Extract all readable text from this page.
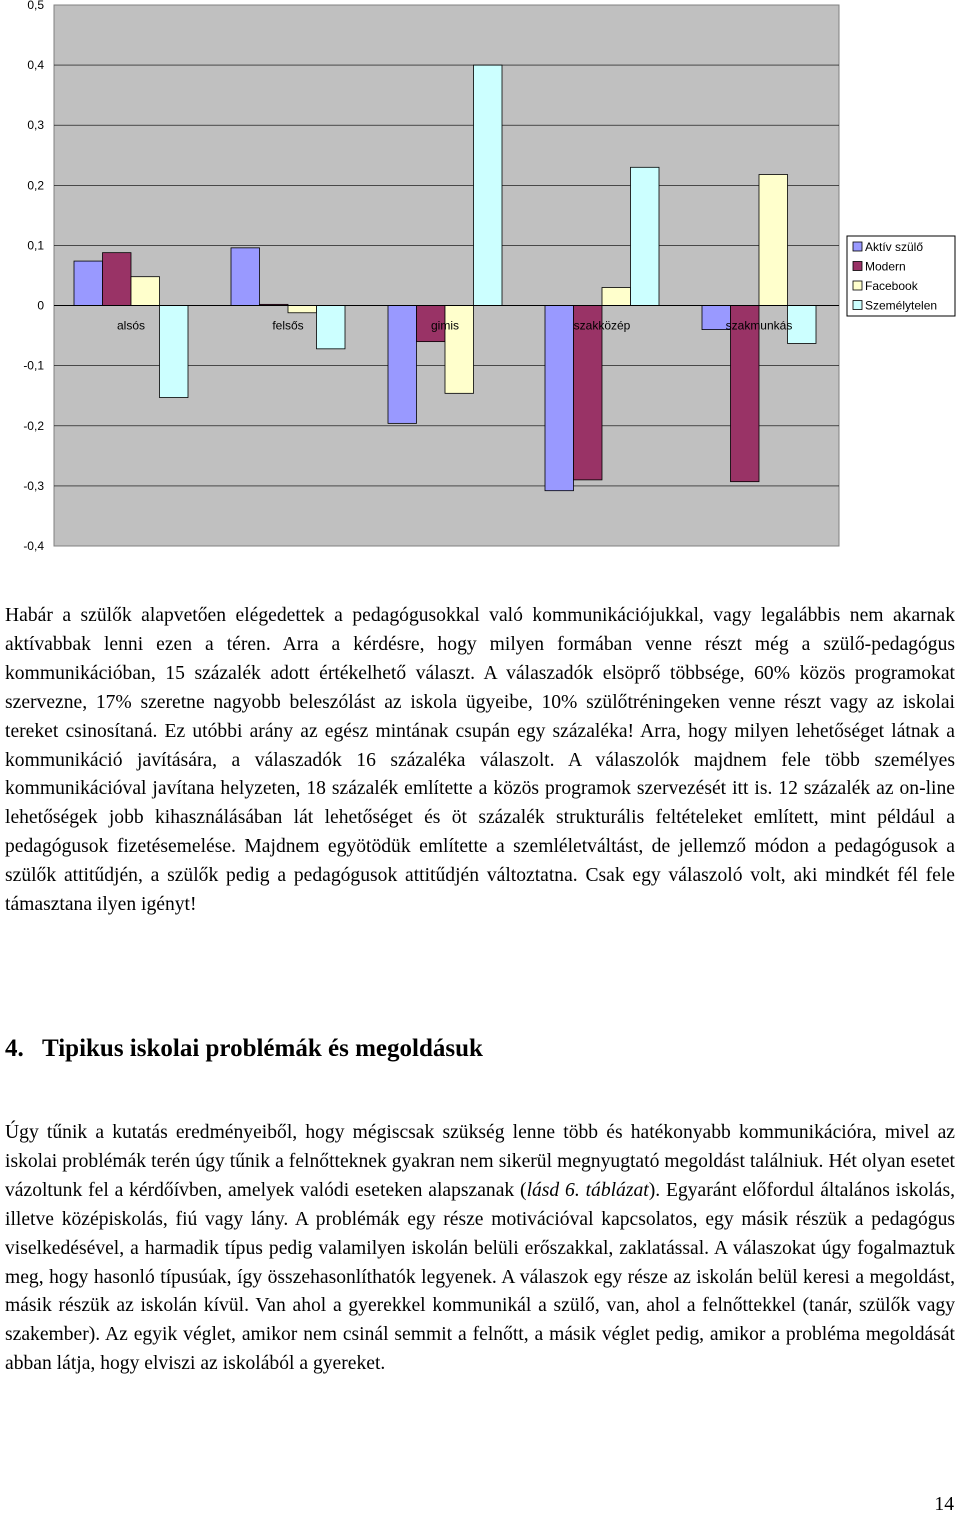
0,5
0,4
0,3
0,2
0,1
0
-0,1
-0,2
-0,3
-0,4
alsós	felsős	gimis	szakközép	szakmunkás
Aktív szülő
Modern
Facebook
Személytelen

Habár a szülők alapvetően elégedettek a pedagógusokkal való kommunikációjukkal, vagy legalábbis nem akarnak aktívabbak lenni ezen a téren. Arra a kérdésre, hogy milyen formában venne részt még a szülő-pedagógus kommunikációban, 15 százalék adott értékelhető választ. A válaszadók elsöprő többsége, 60% közös programokat szervezne, 17% szeretne nagyobb beleszólást az iskola ügyeibe, 10% szülőtréningeken venne részt vagy az iskolai tereket csinosítaná. Ez utóbbi arány az egész mintának csupán egy százaléka! Arra, hogy milyen lehetőséget látnak a kommunikáció javítására, a válaszadók 16 százaléka válaszolt. A válaszolók majdnem fele több személyes kommunikációval javítana helyzeten, 18 százalék említette a közös programok szervezését itt is. 12 százalék az on-line lehetőségek jobb kihasználásában lát lehetőséget és öt százalék strukturális feltételeket említett, mint például a pedagógusok fizetésemelése. Majdnem egyötödük említette a szemléletváltást, de jellemző módon a pedagógusok a szülők attitűdjén, a szülők pedig a pedagógusok attitűdjén változtatna. Csak egy válaszoló volt, aki mindkét fél fele támasztana ilyen igényt!

4. Tipikus iskolai problémák és megoldásuk

Úgy tűnik a kutatás eredményeiből, hogy mégiscsak szükség lenne több és hatékonyabb kommunikációra, mivel az iskolai problémák terén úgy tűnik a felnőtteknek gyakran nem sikerül megnyugtató megoldást találniuk. Hét olyan esetet vázoltunk fel a kérdőívben, amelyek valódi eseteken alapszanak (lásd 6. táblázat). Egyaránt előfordul általános iskolás, illetve középiskolás, fiú vagy lány. A problémák egy része motivációval kapcsolatos, egy másik részük a pedagógus viselkedésével, a harmadik típus pedig valamilyen iskolán belüli erőszakkal, zaklatással. A válaszokat úgy fogalmaztuk meg, hogy hasonló típusúak, így összehasonlíthatók legyenek. A válaszok egy része az iskolán belül keresi a megoldást, másik részük az iskolán kívül. Van ahol a gyerekkel kommunikál a szülő, van, ahol a felnőttekkel (tanár, szülők vagy szakember). Az egyik véglet, amikor nem csinál semmit a felnőtt, a másik véglet pedig, amikor a probléma megoldását abban látja, hogy elviszi az iskolából a gyereket.

14
